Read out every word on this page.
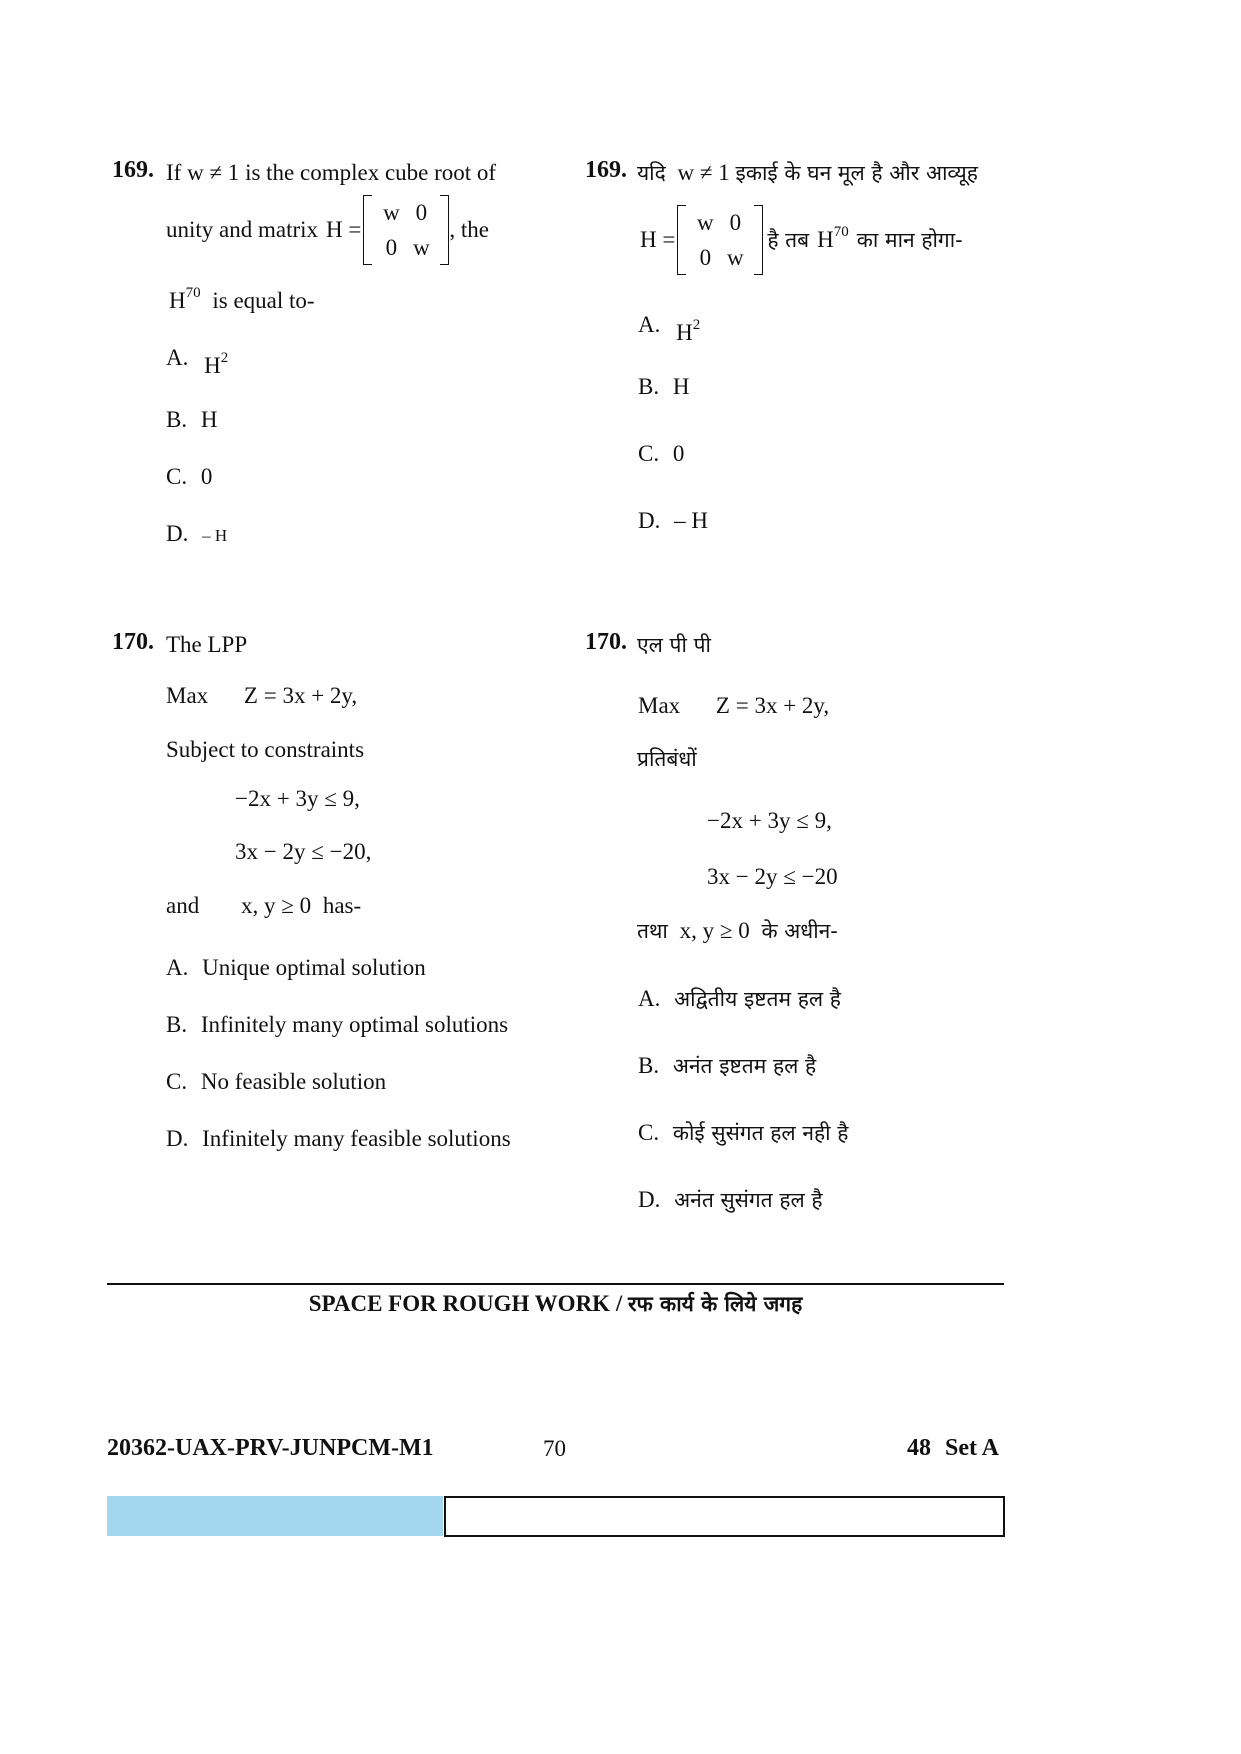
169. If w ≠ 1 is the complex cube root of
unity and matrix H =
w 0
0 w
, the
$H^{70}$ is equal to-
A. $H^2$
B. H
C. 0
D. – H
169. यदि w ≠ 1 इकाई के घन मूल है और आव्यूह
H =
w 0
0 w
है तब $H^{70}$ का मान होगा-
A. $H^2$
B. H
C. 0
D. – H
170. The LPP
Max Z = 3x + 2y,
Subject to constraints
−2x + 3y ≤ 9,
3x − 2y ≤ −20,
and x, y ≥ 0 has-
A. Unique optimal solution
B. Infinitely many optimal solutions
C. No feasible solution
D. Infinitely many feasible solutions
170. एल पी पी
Max Z = 3x + 2y,
प्रतिबंधों
−2x + 3y ≤ 9,
3x − 2y ≤ −20
तथा x, y ≥ 0 के अधीन-
A. अद्वितीय इष्टतम हल है
B. अनंत इष्टतम हल है
C. कोई सुसंगत हल नही है
D. अनंत सुसंगत हल है
SPACE FOR ROUGH WORK / रफ कार्य के लिये जगह
20362-UAX-PRV-JUNPCM-M1	70	48 Set A
